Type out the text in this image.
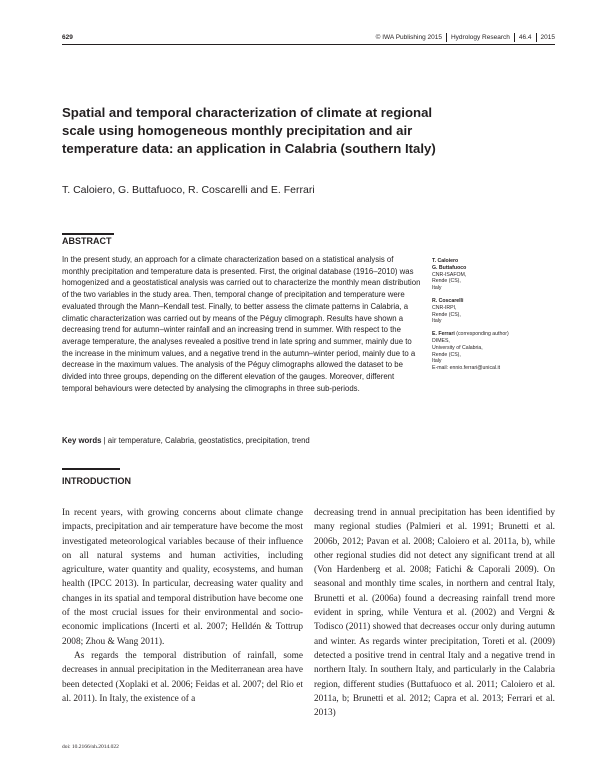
629	© IWA Publishing 2015 Hydrology Research 46.4 2015
Spatial and temporal characterization of climate at regional scale using homogeneous monthly precipitation and air temperature data: an application in Calabria (southern Italy)
T. Caloiero, G. Buttafuoco, R. Coscarelli and E. Ferrari
ABSTRACT
In the present study, an approach for a climate characterization based on a statistical analysis of monthly precipitation and temperature data is presented. First, the original database (1916–2010) was homogenized and a geostatistical analysis was carried out to characterize the monthly mean distribution of the two variables in the study area. Then, temporal change of precipitation and temperature were evaluated through the Mann–Kendall test. Finally, to better assess the climate patterns in Calabria, a climatic characterization was carried out by means of the Péguy climograph. Results have shown a decreasing trend for autumn–winter rainfall and an increasing trend in summer. With respect to the average temperature, the analyses revealed a positive trend in late spring and summer, mainly due to the increase in the minimum values, and a negative trend in the autumn–winter period, mainly due to a decrease in the maximum values. The analysis of the Péguy climographs allowed the dataset to be divided into three groups, depending on the different elevation of the gauges. Moreover, different temporal behaviours were detected by analysing the climographs in three sub-periods.
Key words | air temperature, Calabria, geostatistics, precipitation, trend

T. Caloiero
G. Buttafuoco
CNR-ISAFOM,
Rende (CS),
Italy

R. Coscarelli
CNR-IRPI,
Rende (CS),
Italy

E. Ferrari (corresponding author)
DIMES,
University of Calabria,
Rende (CS),
Italy
E-mail: ennio.ferrari@unical.it

INTRODUCTION

In recent years, with growing concerns about climate change impacts, precipitation and air temperature have become the most investigated meteorological variables because of their influence on all natural systems and human activities, including agriculture, water quantity and quality, ecosystems, and human health (IPCC 2013). In particular, decreasing water quality and changes in its spatial and temporal distribution have become one of the most crucial issues for their environmental and socio-economic implications (Incerti et al. 2007; Helldén & Tottrup 2008; Zhou & Wang 2011).

As regards the temporal distribution of rainfall, some decreases in annual precipitation in the Mediterranean area have been detected (Xoplaki et al. 2006; Feidas et al. 2007; del Rio et al. 2011). In Italy, the existence of a

decreasing trend in annual precipitation has been identified by many regional studies (Palmieri et al. 1991; Brunetti et al. 2006b, 2012; Pavan et al. 2008; Caloiero et al. 2011a, b), while other regional studies did not detect any significant trend at all (Von Hardenberg et al. 2008; Fatichi & Caporali 2009). On seasonal and monthly time scales, in northern and central Italy, Brunetti et al. (2006a) found a decreasing rainfall trend more evident in spring, while Ventura et al. (2002) and Vergni & Todisco (2011) showed that decreases occur only during autumn and winter. As regards winter precipitation, Toreti et al. (2009) detected a positive trend in central Italy and a negative trend in northern Italy. In southern Italy, and particularly in the Calabria region, different studies (Buttafuoco et al. 2011; Caloiero et al. 2011a, b; Brunetti et al. 2012; Capra et al. 2013; Ferrari et al. 2013)

doi: 10.2166/nh.2014.022
